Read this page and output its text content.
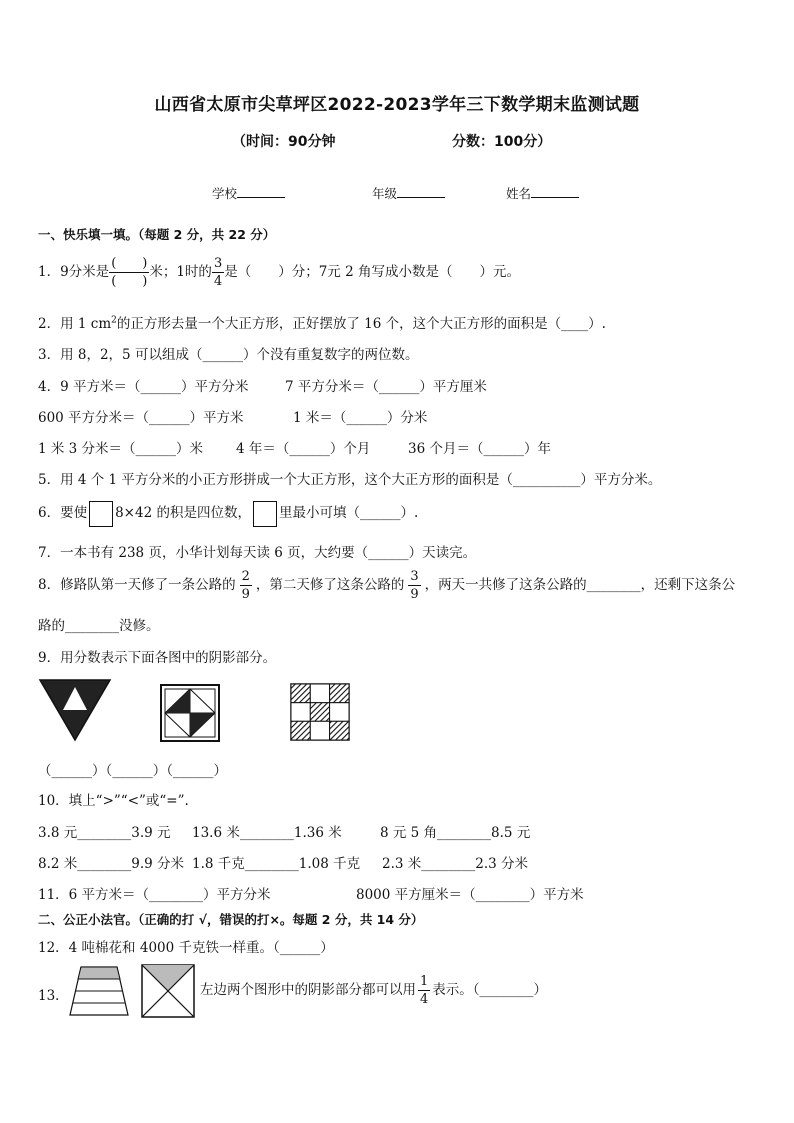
山西省太原市尖草坪区2022-2023学年三下数学期末监测试题
（时间：90分钟	分数：100分）
学校	年级	姓名
一、快乐填一填。（每题 2 分，共 22 分）
1．9分米是 $\frac{( )}{( )}$ 米；1时的 $\frac{3}{4}$ 是（　　）分；7元 2 角写成小数是（　　）元。
2．用 1 $cm^2$的正方形去量一个大正方形，正好摆放了 16 个，这个大正方形的面积是（____）.
3．用 8，2，5 可以组成（______）个没有重复数字的两位数。
4．9 平方米＝（______）平方分米	7 平方分米＝（______）平方厘米
600 平方分米＝（______）平方米	1 米＝（______）分米
1 米 3 分米＝（______）米 4 年＝（______）个月	36 个月＝（______）年
5．用 4 个 1 平方分米的小正方形拼成一个大正方形，这个大正方形的面积是（__________）平方分米。
6．要使 8×42 的积是四位数， 里最小可填（______）.
7．一本书有 238 页，小华计划每天读 6 页，大约要（______）天读完。
8．修路队第一天修了一条公路的 $\frac{2}{9}$ ，第二天修了这条公路的 $\frac{3}{9}$ ，两天一共修了这条公路的________，还剩下这条公
路的________没修。
9．用分数表示下面各图中的阴影部分。
（______）（______）（______）
10．填上“>”“<”或“=”.
3.8 元________3.9 元 13.6 米________1.36 米	8 元 5 角________8.5 元
8.2 米________9.9 分米 1.8 千克________1.08 千克 2.3 米________2.3 分米
11．6 平方米＝（________）平方分米	8000 平方厘米＝（________）平方米
二、公正小法官。（正确的打 √，错误的打×。每题 2 分，共 14 分）
12．4 吨棉花和 4000 千克铁一样重。（______）
13．	左边两个图形中的阴影部分都可以用 $\frac{1}{4}$ 表示。（________）
